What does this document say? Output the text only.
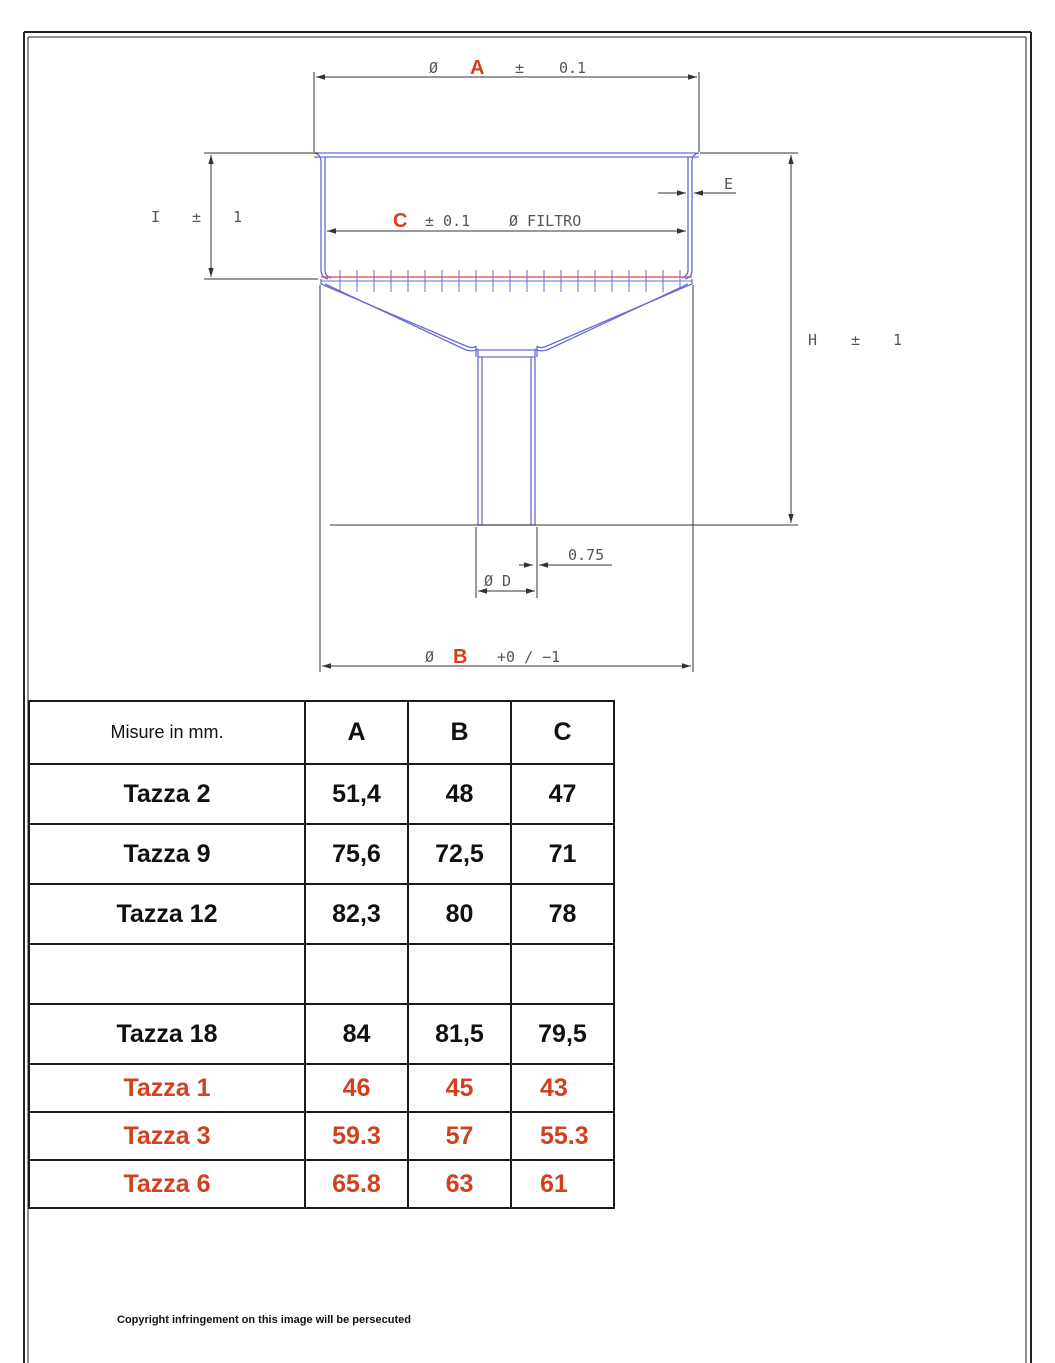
Ø A ± 0.1
C ± 0.1	Ø FILTRO
I ± 1
E
H ± 1
0.75
Ø D
Ø B +0 ∕ −1
Misure in mm.	A	B	C
Tazza 2	51,4	48	47
Tazza 9	75,6	72,5	71
Tazza 12	82,3	80	78

Tazza 18	84	81,5	79,5
Tazza 1	46	45	43
Tazza 3	59.3	57	55.3
Tazza 6	65.8	63	61
Copyright infringement on this image will be persecuted
